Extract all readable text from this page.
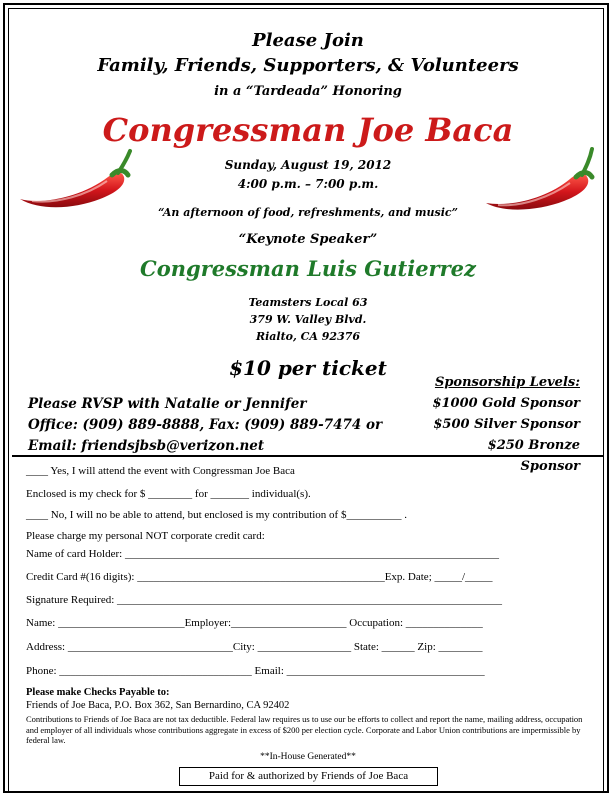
Please Join
Family, Friends, Supporters, & Volunteers
in a “Tardeada” Honoring
Congressman Joe Baca
Sunday, August 19, 2012
4:00 p.m. – 7:00 p.m.
“An afternoon of food, refreshments, and music”
“Keynote Speaker”
Congressman Luis Gutierrez
Teamsters Local 63
379 W. Valley Blvd.
Rialto, CA 92376
$10 per ticket
Please RVSP with Natalie or Jennifer
Office: (909) 889-8888, Fax: (909) 889-7474 or
Email: friendsjbsb@verizon.net
Sponsorship Levels:
$1000 Gold Sponsor
$500 Silver Sponsor
$250 Bronze Sponsor
____ Yes, I will attend the event with Congressman Joe Baca
Enclosed is my check for $ ________ for _______ individual(s).
____ No, I will no be able to attend, but enclosed is my contribution of $__________ .
Please charge my personal NOT corporate credit card:
Name of card Holder: ____________________________________________________________________
Credit Card #(16 digits): _____________________________________________Exp. Date; _____/_____
Signature Required: ______________________________________________________________________
Name: _______________________Employer:_____________________ Occupation: ______________
Address: ______________________________City: _________________ State: ______ Zip: ________
Phone: ___________________________________ Email: ____________________________________
Please make Checks Payable to:
Friends of Joe Baca, P.O. Box 362, San Bernardino, CA 92402
Contributions to Friends of Joe Baca are not tax deductible. Federal law requires us to use our be efforts to collect and report the name, mailing address, occupation and employer of all individuals whose contributions aggregate in excess of $200 per election cycle. Corporate and Labor Union contributions are impermissible by federal law.
**In-House Generated**
Paid for & authorized by Friends of Joe Baca
